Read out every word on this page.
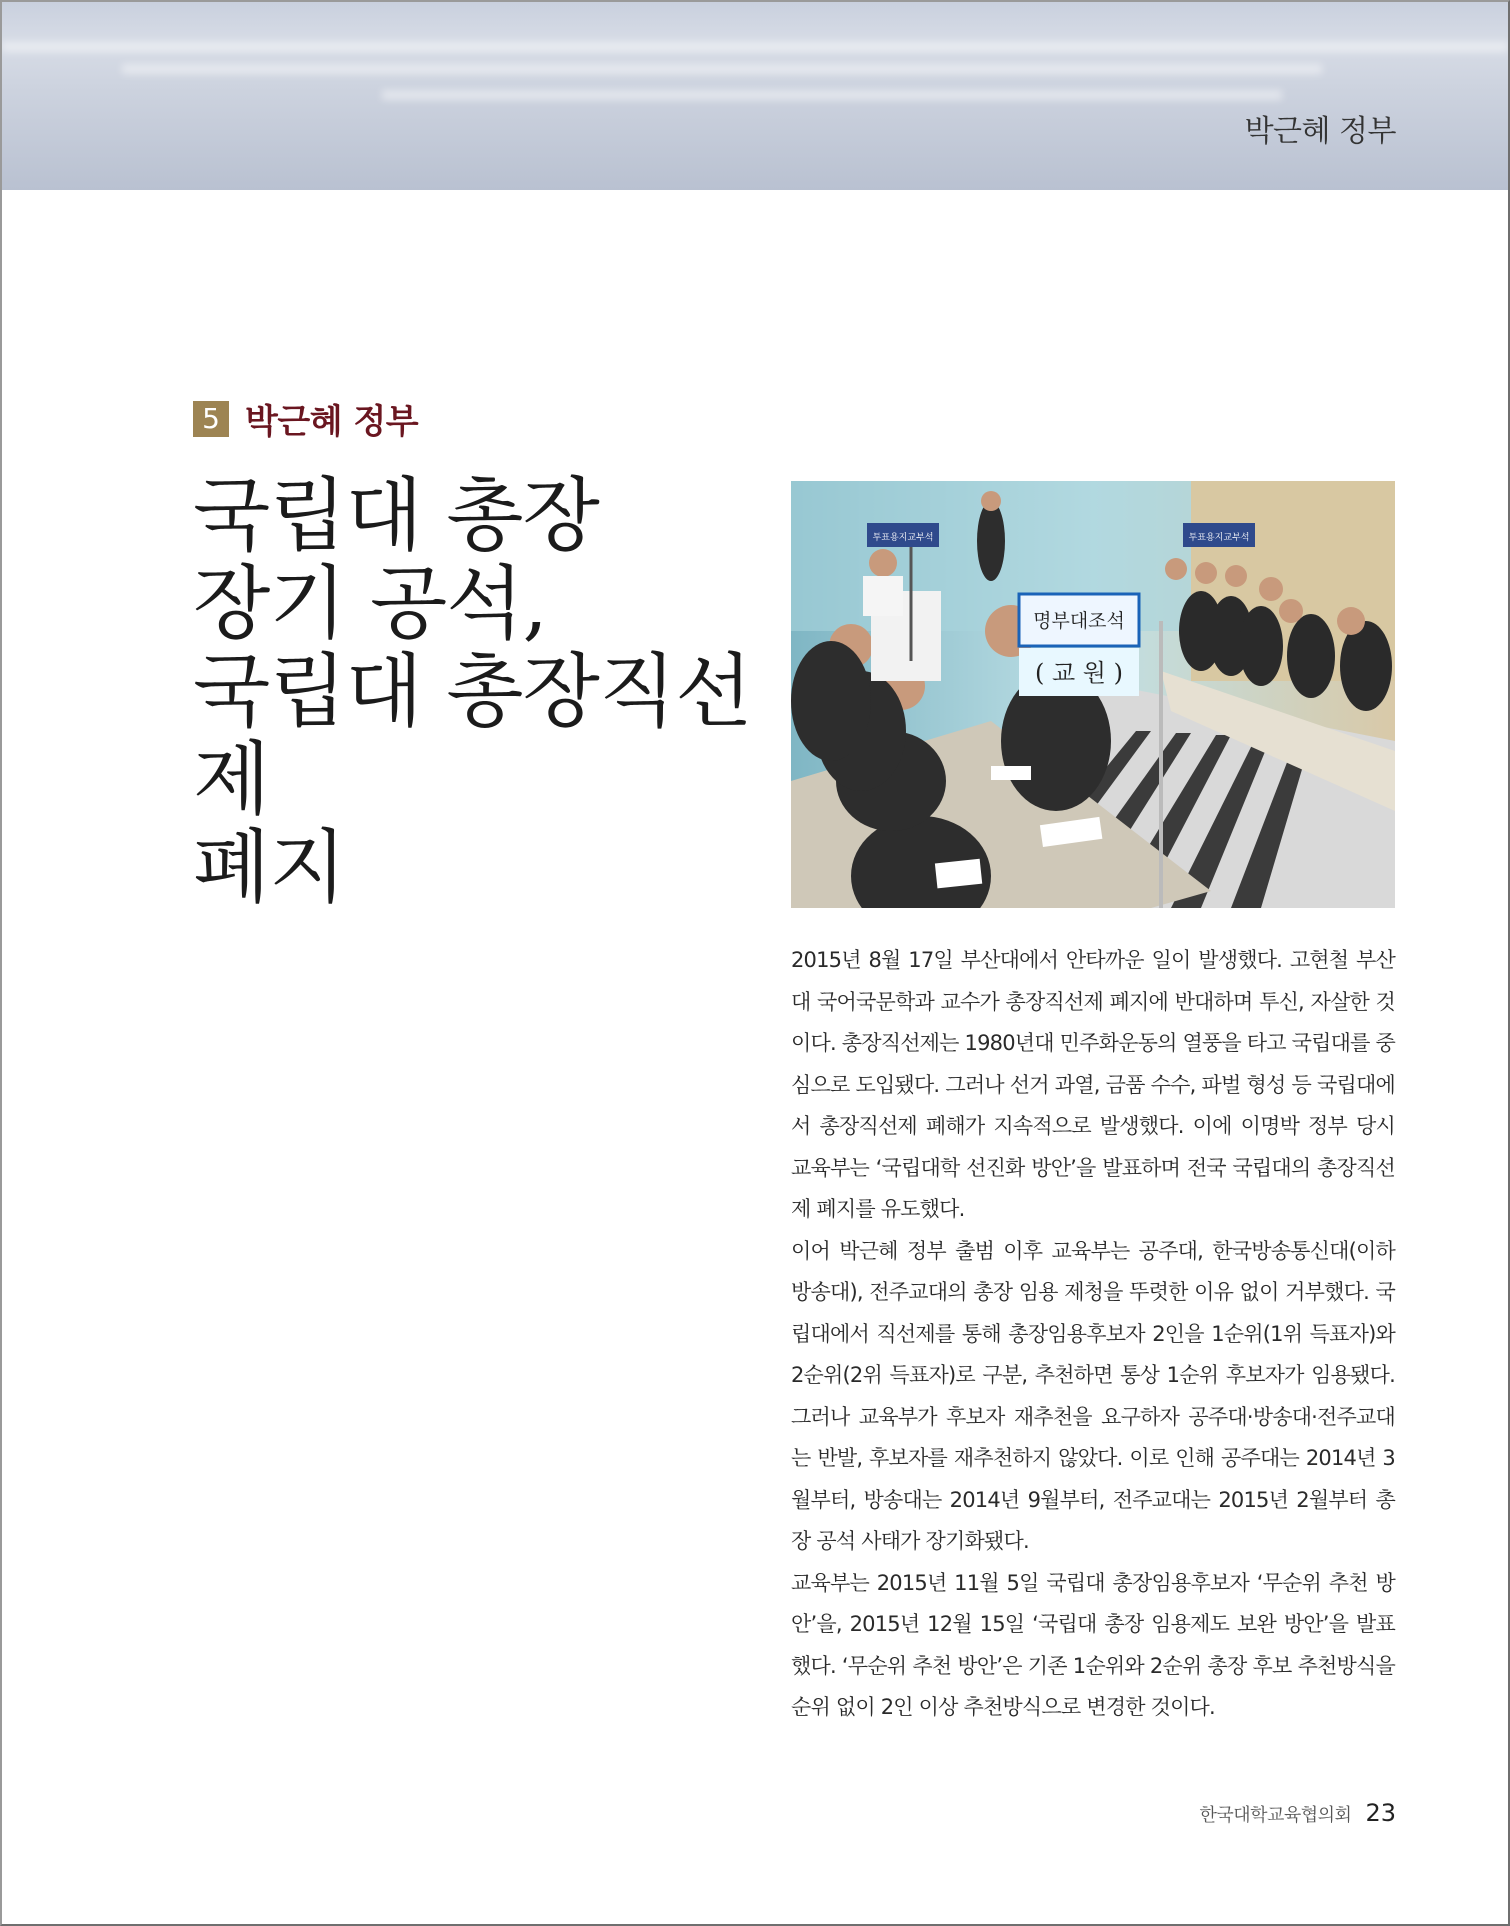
박근혜 정부
5 박근혜 정부
국립대 총장
장기 공석,
국립대 총장직선제
폐지
투표용지교부석	투표용지교부석
명부대조석
( 교 원 )

2015년 8월 17일 부산대에서 안타까운 일이 발생했다. 고현철 부산대 국어국문학과 교수가 총장직선제 폐지에 반대하며 투신, 자살한 것이다. 총장직선제는 1980년대 민주화운동의 열풍을 타고 국립대를 중심으로 도입됐다. 그러나 선거 과열, 금품 수수, 파벌 형성 등 국립대에서 총장직선제 폐해가 지속적으로 발생했다. 이에 이명박 정부 당시 교육부는 ‘국립대학 선진화 방안’을 발표하며 전국 국립대의 총장직선제 폐지를 유도했다.

이어 박근혜 정부 출범 이후 교육부는 공주대, 한국방송통신대(이하 방송대), 전주교대의 총장 임용 제청을 뚜렷한 이유 없이 거부했다. 국립대에서 직선제를 통해 총장임용후보자 2인을 1순위(1위 득표자)와 2순위(2위 득표자)로 구분, 추천하면 통상 1순위 후보자가 임용됐다. 그러나 교육부가 후보자 재추천을 요구하자 공주대·방송대·전주교대는 반발, 후보자를 재추천하지 않았다. 이로 인해 공주대는 2014년 3월부터, 방송대는 2014년 9월부터, 전주교대는 2015년 2월부터 총장 공석 사태가 장기화됐다.

교육부는 2015년 11월 5일 국립대 총장임용후보자 ‘무순위 추천 방안’을, 2015년 12월 15일 ‘국립대 총장 임용제도 보완 방안’을 발표했다. ‘무순위 추천 방안’은 기존 1순위와 2순위 총장 후보 추천방식을 순위 없이 2인 이상 추천방식으로 변경한 것이다.

한국대학교육협의회 23
